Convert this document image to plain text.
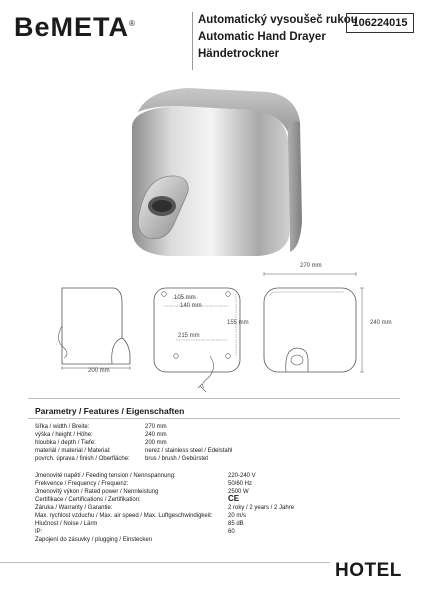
BeMETA®	Automatický vysoušeč rukou
Automatic Hand Drayer
Händetrockner
106224015
200 mm
105 mm
140 mm
155 mm
215 mm
270 mm
240 mm
Parametry / Features / Eigenschaften
šířka / width / Breite:	270 mm
výška / height / Höhe:	240 mm
hloubka / depth / Tiefe:	200 mm
materiál / material / Material:	nerez / stainless steel / Edelstahl
povrch. úprava / finish / Oberfläche:	brus / brush / Gebürstet
Jmenovité napětí / Feeding tension / Nennspannung:	220-240 V
Frekvence / Frequency / Frequenz:	50/60 Hz
Jmenovitý výkon / Rated power / Nennleistung	2500 W
Certifikace / Certifications / Zertifikation:	CE
Záruka / Warranty / Garantie:	2 roky / 2 years / 2 Jahre
Max. rychlost vzduchu / Max. air speed / Max. Luftgeschwindigkeit:	20 m/s
Hlučnost / Noise / Lärm	85 dB
IP:	60
Zapojení do zásuvky / plugging / Einstecken
HOTEL
